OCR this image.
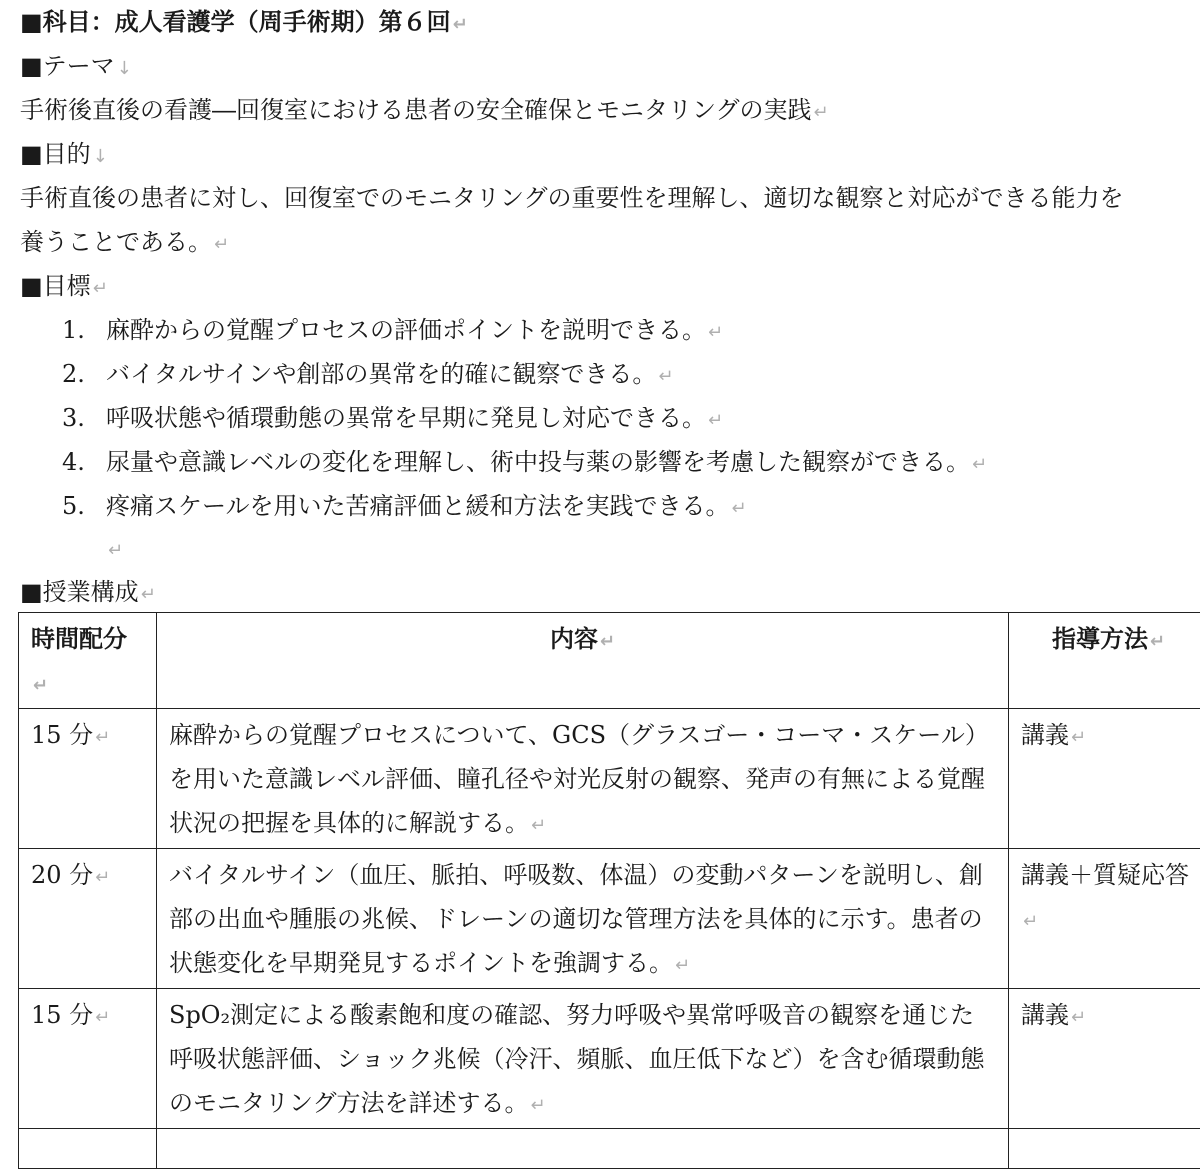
■科目：成人看護学（周手術期）第６回 ↵
■テーマ ↓
手術後直後の看護―回復室における患者の安全確保とモニタリングの実践 ↵
■目的 ↓
手術直後の患者に対し、回復室でのモニタリングの重要性を理解し、適切な観察と対応ができる能力を
養うことである。 ↵
■目標 ↵
1. 麻酔からの覚醒プロセスの評価ポイントを説明できる。 ↵
2. バイタルサインや創部の異常を的確に観察できる。 ↵
3. 呼吸状態や循環動態の異常を早期に発見し対応できる。 ↵
4. 尿量や意識レベルの変化を理解し、術中投与薬の影響を考慮した観察ができる。 ↵
5. 疼痛スケールを用いた苦痛評価と緩和方法を実践できる。 ↵
↵
■授業構成 ↵
時間配分↵	内容 ↵	指導方法 ↵
15 分 ↵	麻酔からの覚醒プロセスについて、GCS（グラスゴー・コーマ・スケール）を用いた意識レベル評価、瞳孔径や対光反射の観察、発声の有無による覚醒状況の把握を具体的に解説する。 ↵	講義 ↵
20 分 ↵	バイタルサイン（血圧、脈拍、呼吸数、体温）の変動パターンを説明し、創部の出血や腫脹の兆候、ドレーンの適切な管理方法を具体的に示す。患者の状態変化を早期発見するポイントを強調する。 ↵	講義＋質疑応答↵
15 分 ↵	SpO₂測定による酸素飽和度の確認、努力呼吸や異常呼吸音の観察を通じた呼吸状態評価、ショック兆候（冷汗、頻脈、血圧低下など）を含む循環動態のモニタリング方法を詳述する。 ↵	講義 ↵
